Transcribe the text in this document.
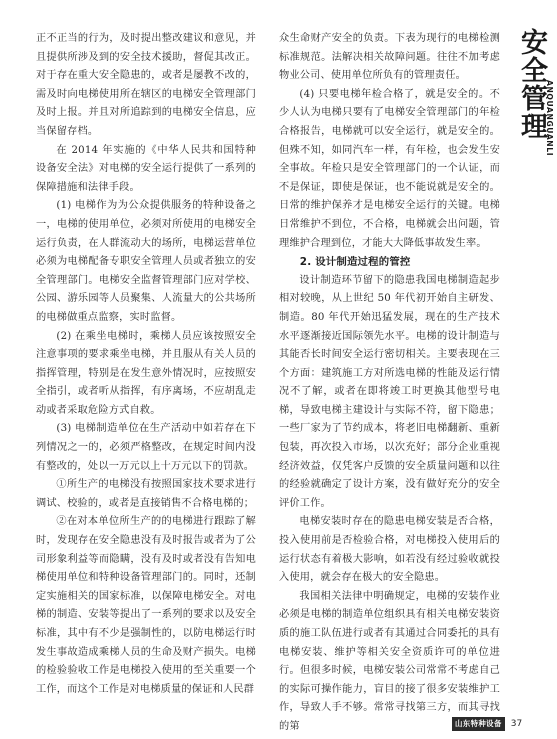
安全管理
ANQUANGUANLI

正不正当的行为，及时提出整改建议和意见，并且提供所涉及到的安全技术援助，督促其改正。对于存在重大安全隐患的，或者是屡教不改的，需及时向电梯使用所在辖区的电梯安全管理部门及时上报。并且对所追踪到的电梯安全信息，应当保留存档。

在 2014 年实施的《中华人民共和国特种设备安全法》对电梯的安全运行提供了一系列的保障措施和法律手段。

(1) 电梯作为为公众提供服务的特种设备之一，电梯的使用单位，必须对所使用的电梯安全运行负责，在人群流动大的场所，电梯运营单位必须为电梯配备专职安全管理人员或者独立的安全管理部门。电梯安全监督管理部门应对学校、公园、游乐园等人员聚集、人流量大的公共场所的电梯做重点监察，实时监督。

(2) 在乘坐电梯时，乘梯人员应该按照安全注意事项的要求乘坐电梯，并且服从有关人员的指挥管理，特别是在发生意外情况时，应按照安全指引，或者听从指挥，有序离场，不应胡乱走动或者采取危险方式自救。

(3) 电梯制造单位在生产活动中如若存在下列情况之一的，必须严格整改，在规定时间内没有整改的，处以一万元以上十万元以下的罚款。

①所生产的电梯没有按照国家技术要求进行调试、校验的，或者是直接销售不合格电梯的；

②在对本单位所生产的的电梯进行跟踪了解时，发现存在安全隐患没有及时报告或者为了公司形象利益等而隐瞒，没有及时或者没有告知电梯使用单位和特种设备管理部门的。同时，还制定实施相关的国家标准，以保障电梯安全。对电梯的制造、安装等提出了一系列的要求以及安全标准，其中有不少是强制性的，以防电梯运行时发生事故造成乘梯人员的生命及财产损失。电梯的检验验收工作是电梯投入使用的至关重要一个工作，而这个工作是对电梯质量的保证和人民群

众生命财产安全的负责。下表为现行的电梯检测标准规范。法解决相关故障问题。往往不加考虑物业公司、使用单位所负有的管理责任。

(4) 只要电梯年检合格了，就是安全的。不少人认为电梯只要有了电梯安全管理部门的年检合格报告，电梯就可以安全运行，就是安全的。但殊不知，如同汽车一样，有年检，也会发生安全事故。年检只是安全管理部门的一个认证，而不是保证，即使是保证，也不能说就是安全的。 日常的维护保养才是电梯安全运行的关键。电梯日常维护不到位，不合格，电梯就会出问题，管理维护合理到位，才能大大降低事故发生率。

2. 设计制造过程的管控

设计制造环节留下的隐患我国电梯制造起步相对较晚，从上世纪 50 年代初开始自主研发、制造。80 年代开始迅猛发展，现在的生产技术水平逐渐接近国际领先水平。电梯的设计制造与其能否长时间安全运行密切相关。主要表现在三个方面：建筑施工方对所选电梯的性能及运行情况不了解，或者在即将竣工时更换其他型号电梯，导致电梯主建设计与实际不符，留下隐患；一些厂家为了节约成本，将老旧电梯翻新、重新包装，再次投入市场，以次充好；部分企业重视经济效益，仅凭客户反馈的安全质量问题和以往的经验就确定了设计方案，没有做好充分的安全评价工作。

电梯安装时存在的隐患电梯安装是否合格，投入使用前是否检验合格，对电梯投入使用后的运行状态有着极大影响，如若没有经过验收就投入使用，就会存在极大的安全隐患。

我国相关法律中明确规定，电梯的安装作业必须是电梯的制造单位组织具有相关电梯安装资质的施工队伍进行或者有其通过合同委托的具有电梯安装、维护等相关安全资质许可的单位进行。但很多时候，电梯安装公司常常不考虑自己的实际可操作能力，盲目的接了很多安装维护工作，导致人手不够。常常寻找第三方，而其寻找的第	山东特种设备	37
